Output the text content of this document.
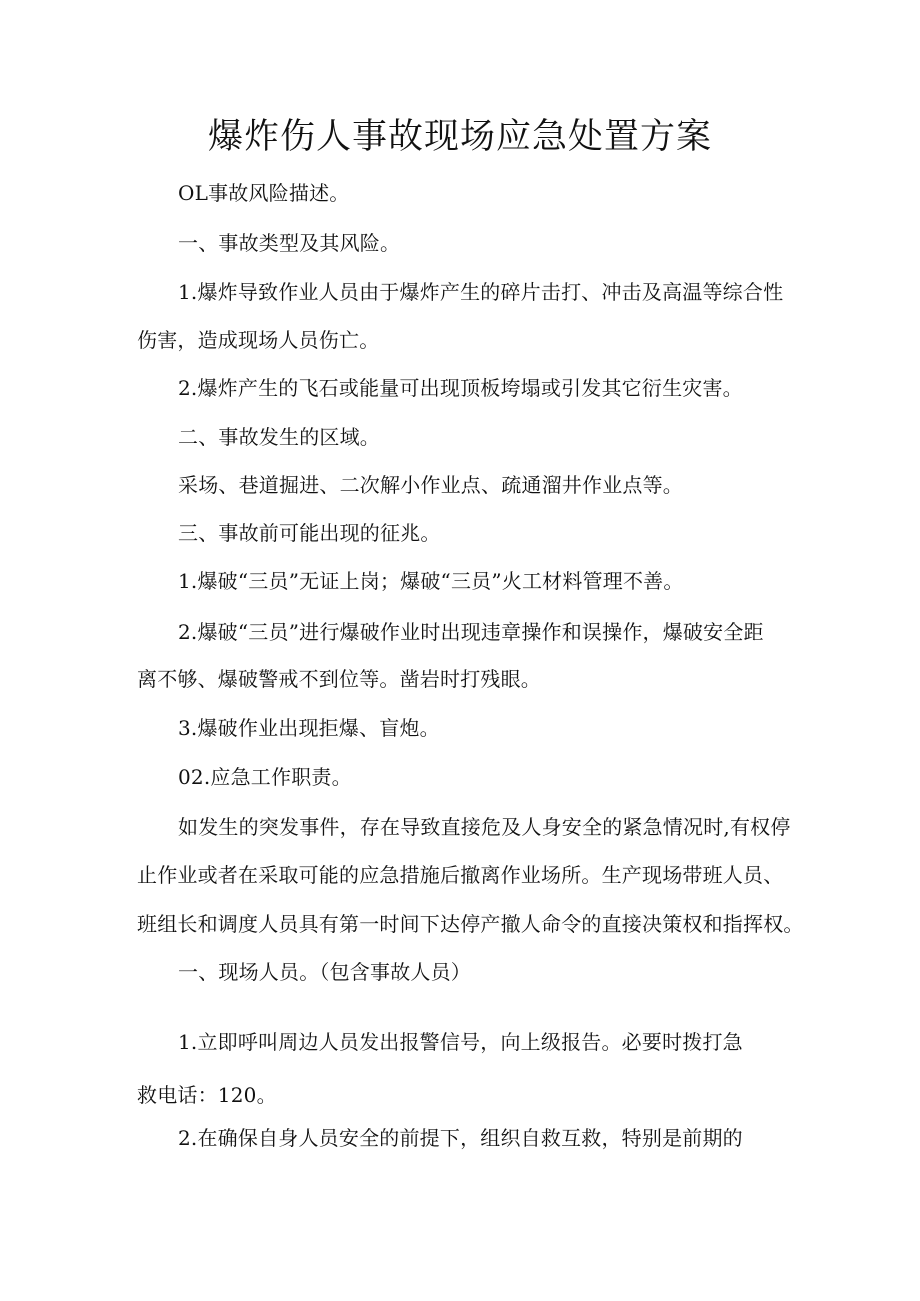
爆炸伤人事故现场应急处置方案
OL事故风险描述。
一、事故类型及其风险。
1.爆炸导致作业人员由于爆炸产生的碎片击打、冲击及高温等综合性
伤害，造成现场人员伤亡。
2.爆炸产生的飞石或能量可出现顶板垮塌或引发其它衍生灾害。
二、事故发生的区域。
采场、巷道掘进、二次解小作业点、疏通溜井作业点等。
三、事故前可能出现的征兆。
1.爆破“三员”无证上岗；爆破“三员”火工材料管理不善。
2.爆破“三员”进行爆破作业时出现违章操作和误操作，爆破安全距
离不够、爆破警戒不到位等。凿岩时打残眼。
3.爆破作业出现拒爆、盲炮。
02.应急工作职责。
如发生的突发事件，存在导致直接危及人身安全的紧急情况时,有权停
止作业或者在采取可能的应急措施后撤离作业场所。生产现场带班人员、
班组长和调度人员具有第一时间下达停产撤人命令的直接决策权和指挥权。
一、现场人员。（包含事故人员）
1.立即呼叫周边人员发出报警信号，向上级报告。必要时拨打急
救电话：120。
2.在确保自身人员安全的前提下，组织自救互救，特别是前期的
